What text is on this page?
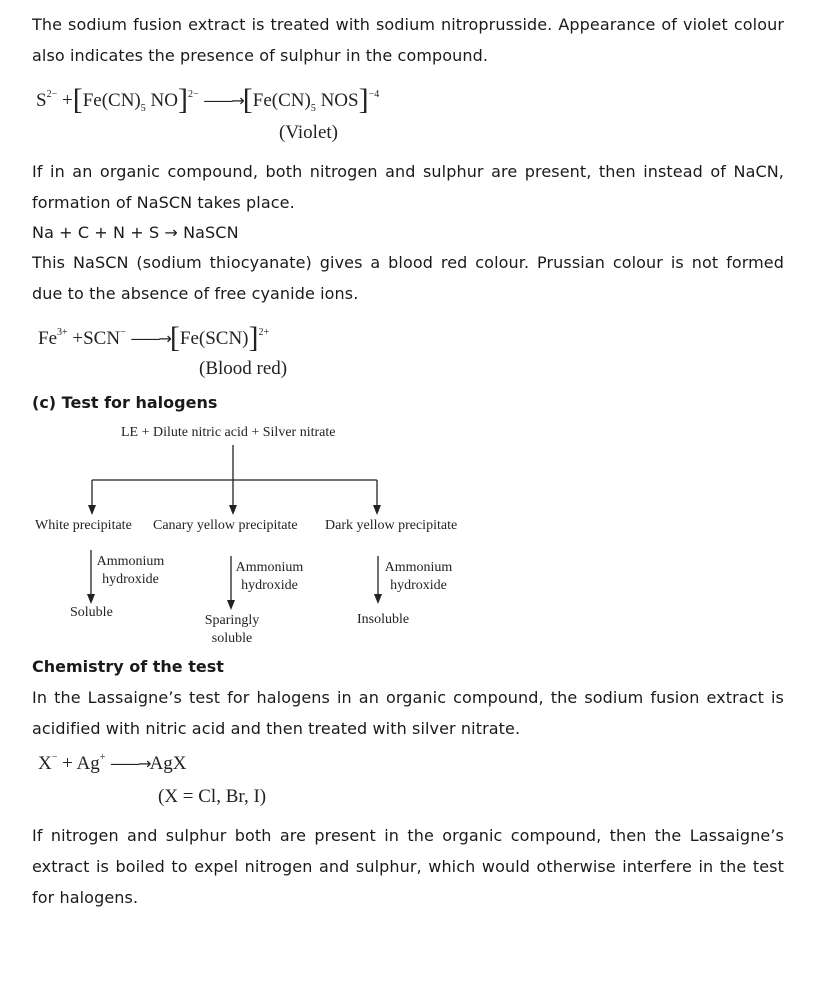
The sodium fusion extract is treated with sodium nitroprusside. Appearance of violet colour also indicates the presence of sulphur in the compound.

$S^{2-} +[Fe(CN)_5$ NO]$^{2-}$ $——\to[Fe(CN)_5$ NOS]$^{-4}$
(Violet)

If in an organic compound, both nitrogen and sulphur are present, then instead of NaCN, formation of NaSCN takes place.

Na + C + N + S → NaSCN

This NaSCN (sodium thiocyanate) gives a blood red colour. Prussian colour is not formed due to the absence of free cyanide ions.

$Fe^{3+} +SCN^-$ $——\to[Fe(SCN)]^{2+}$
(Blood red)
(c) Test for halogens
LE + Dilute nitric acid + Silver nitrate
White precipitate Canary yellow precipitate Dark yellow precipitate
Ammonium
hydroxide
Ammonium
hydroxide
Ammonium
hydroxide
Soluble
Sparingly
soluble
Insoluble
Chemistry of the test

In the Lassaigne’s test for halogens in an organic compound, the sodium fusion extract is acidified with nitric acid and then treated with silver nitrate.

X− + Ag+ ——→AgX
(X = Cl, Br, I)

If nitrogen and sulphur both are present in the organic compound, then the Lassaigne’s extract is boiled to expel nitrogen and sulphur, which would otherwise interfere in the test for halogens.
